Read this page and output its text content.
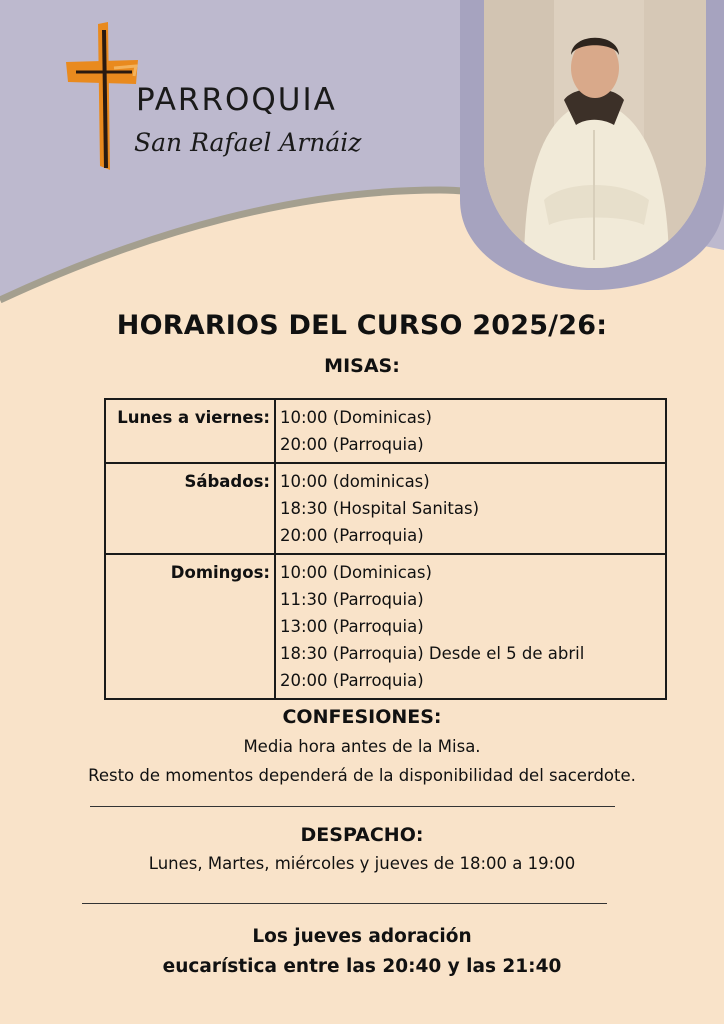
PARROQUIA
San Rafael Arnáiz
HORARIOS DEL CURSO 2025/26:
MISAS:
Lunes a viernes:	10:00 (Dominicas)
20:00 (Parroquia)

Sábados:	10:00 (dominicas)
18:30 (Hospital Sanitas)
20:00 (Parroquia)

Domingos:	10:00 (Dominicas)
11:30 (Parroquia)
13:00 (Parroquia)
18:30 (Parroquia) Desde el 5 de abril
20:00 (Parroquia)
CONFESIONES:
Media hora antes de la Misa.
Resto de momentos dependerá de la disponibilidad del sacerdote.
DESPACHO:
Lunes, Martes, miércoles y jueves de 18:00 a 19:00
Los jueves adoración
eucarística entre las 20:40 y las 21:40
